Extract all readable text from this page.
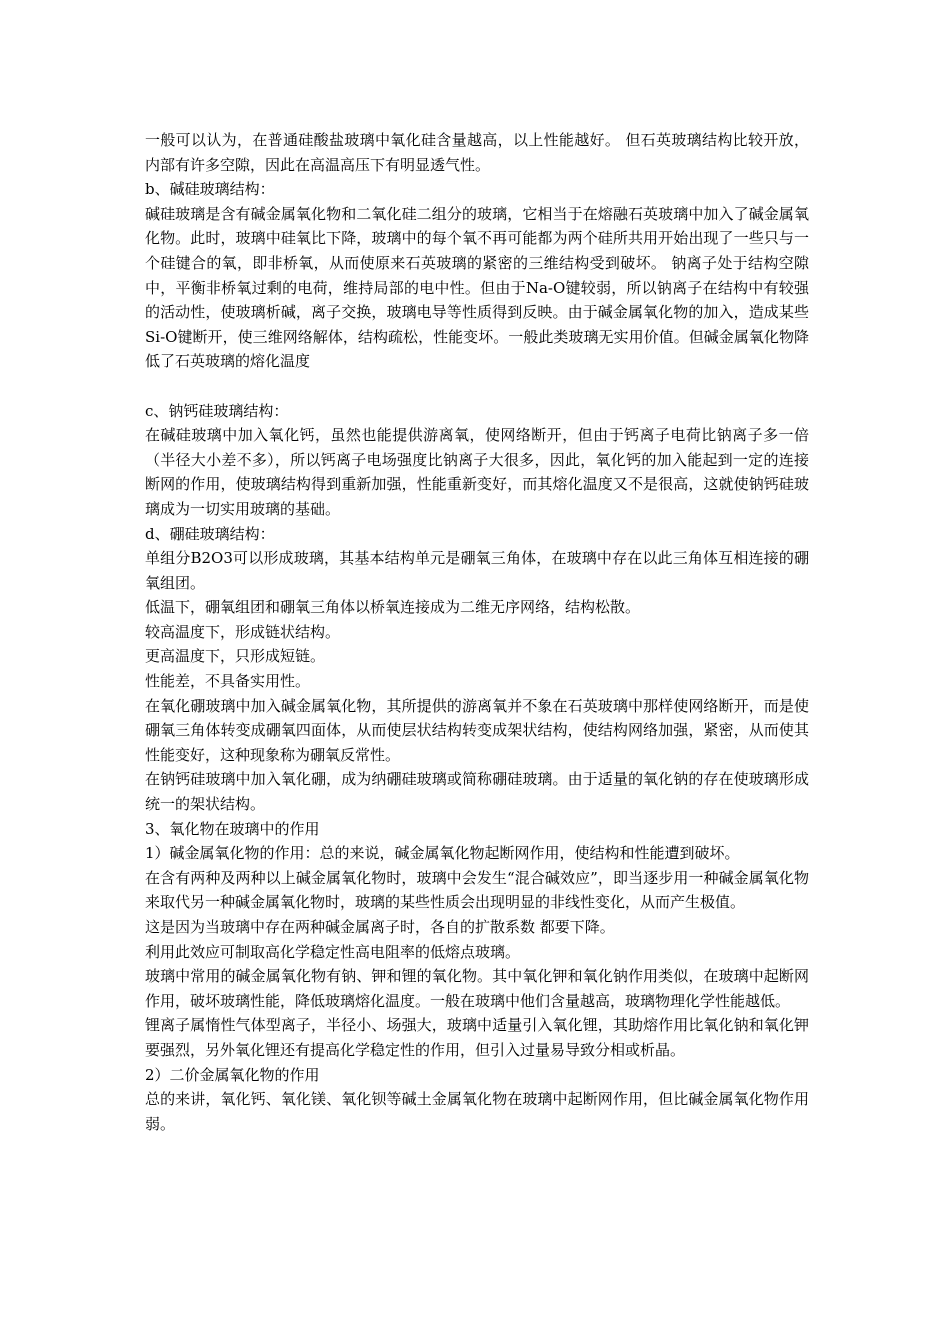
一般可以认为，在普通硅酸盐玻璃中氧化硅含量越高，以上性能越好。 但石英玻璃结构比较开放，内部有许多空隙，因此在高温高压下有明显透气性。

b、碱硅玻璃结构：

碱硅玻璃是含有碱金属氧化物和二氧化硅二组分的玻璃，它相当于在熔融石英玻璃中加入了碱金属氧化物。此时，玻璃中硅氧比下降，玻璃中的每个氧不再可能都为两个硅所共用开始出现了一些只与一个硅键合的氧，即非桥氧，从而使原来石英玻璃的紧密的三维结构受到破坏。 钠离子处于结构空隙中，平衡非桥氧过剩的电荷，维持局部的电中性。但由于Na-O键较弱，所以钠离子在结构中有较强的活动性，使玻璃析碱，离子交换，玻璃电导等性质得到反映。由于碱金属氧化物的加入，造成某些Si-O键断开，使三维网络解体，结构疏松，性能变坏。一般此类玻璃无实用价值。但碱金属氧化物降低了石英玻璃的熔化温度

c、钠钙硅玻璃结构：

在碱硅玻璃中加入氧化钙，虽然也能提供游离氧，使网络断开，但由于钙离子电荷比钠离子多一倍（半径大小差不多），所以钙离子电场强度比钠离子大很多，因此，氧化钙的加入能起到一定的连接断网的作用，使玻璃结构得到重新加强，性能重新变好，而其熔化温度又不是很高，这就使钠钙硅玻璃成为一切实用玻璃的基础。

d、硼硅玻璃结构：

单组分B2O3可以形成玻璃，其基本结构单元是硼氧三角体，在玻璃中存在以此三角体互相连接的硼氧组团。

低温下，硼氧组团和硼氧三角体以桥氧连接成为二维无序网络，结构松散。

较高温度下，形成链状结构。

更高温度下，只形成短链。

性能差，不具备实用性。

在氧化硼玻璃中加入碱金属氧化物，其所提供的游离氧并不象在石英玻璃中那样使网络断开，而是使硼氧三角体转变成硼氧四面体，从而使层状结构转变成架状结构，使结构网络加强，紧密，从而使其性能变好，这种现象称为硼氧反常性。

在钠钙硅玻璃中加入氧化硼，成为纳硼硅玻璃或简称硼硅玻璃。由于适量的氧化钠的存在使玻璃形成统一的架状结构。

3、氧化物在玻璃中的作用

1）碱金属氧化物的作用：总的来说，碱金属氧化物起断网作用，使结构和性能遭到破坏。

在含有两种及两种以上碱金属氧化物时，玻璃中会发生“混合碱效应”，即当逐步用一种碱金属氧化物来取代另一种碱金属氧化物时，玻璃的某些性质会出现明显的非线性变化，从而产生极值。

这是因为当玻璃中存在两种碱金属离子时，各自的扩散系数 都要下降。

利用此效应可制取高化学稳定性高电阻率的低熔点玻璃。

玻璃中常用的碱金属氧化物有钠、钾和锂的氧化物。其中氧化钾和氧化钠作用类似，在玻璃中起断网作用，破坏玻璃性能，降低玻璃熔化温度。一般在玻璃中他们含量越高，玻璃物理化学性能越低。

锂离子属惰性气体型离子，半径小、场强大，玻璃中适量引入氧化锂，其助熔作用比氧化钠和氧化钾要强烈，另外氧化锂还有提高化学稳定性的作用，但引入过量易导致分相或析晶。

2）二价金属氧化物的作用

总的来讲，氧化钙、氧化镁、氧化钡等碱土金属氧化物在玻璃中起断网作用，但比碱金属氧化物作用弱。
